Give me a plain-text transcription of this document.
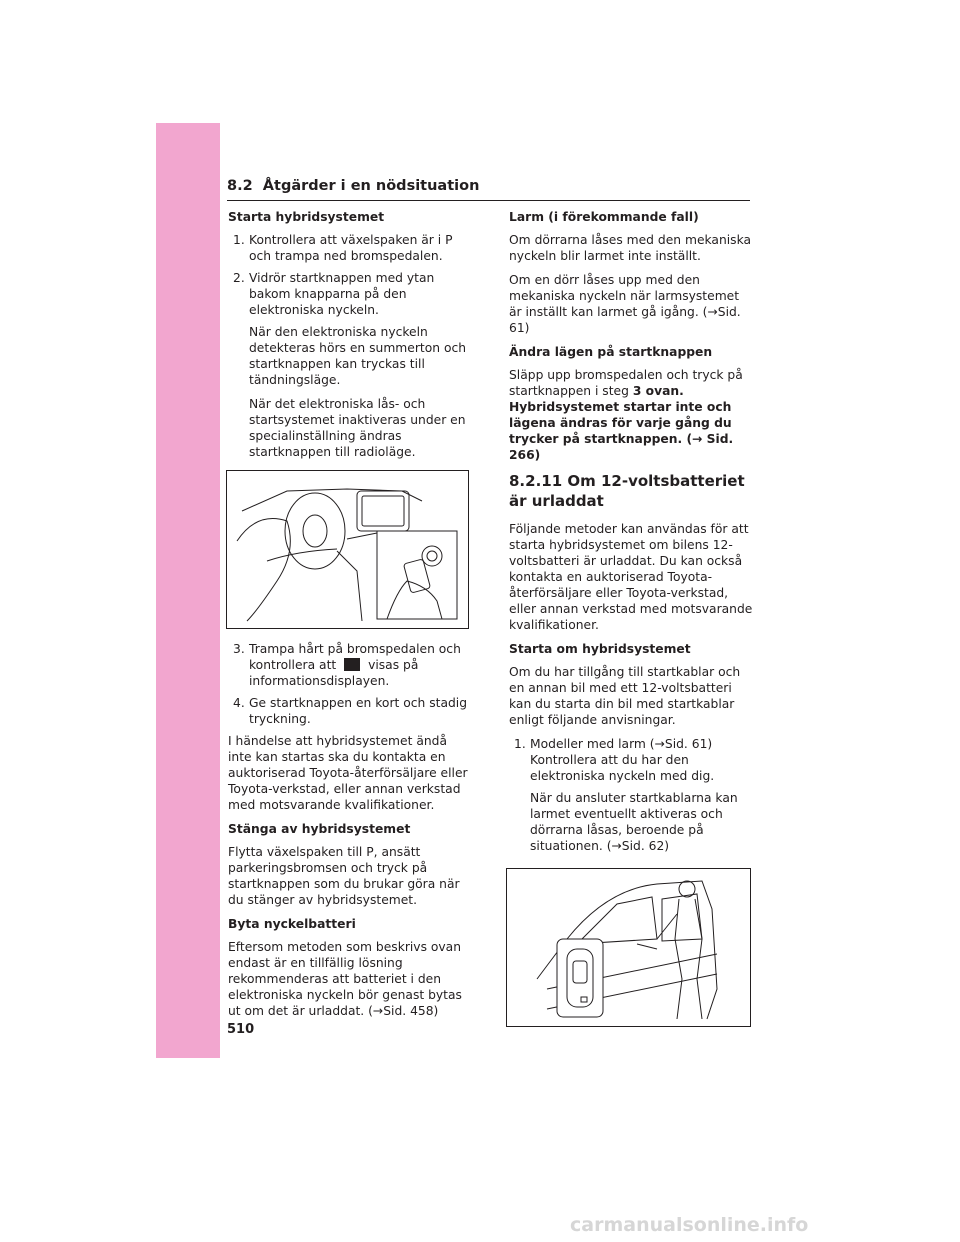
8.2 Åtgärder i en nödsituation
Starta hybridsystemet
1. Kontrollera att växelspaken är i P och trampa ned bromspedalen.
2. Vidrör startknappen med ytan bakom knapparna på den elektroniska nyckeln.
När den elektroniska nyckeln detekteras hörs en summerton och startknappen kan tryckas till tändningsläge.
När det elektroniska lås- och startsystemet inaktiveras under en specialinställning ändras startknappen till radioläge.
3. Trampa hårt på bromspedalen och kontrollera att	visas på informationsdisplayen.
4. Ge startknappen en kort och stadig tryckning.
I händelse att hybridsystemet ändå inte kan startas ska du kontakta en auktoriserad Toyota-återförsäljare eller Toyota-verkstad, eller annan verkstad med motsvarande kvalifikationer.
Stänga av hybridsystemet
Flytta växelspaken till P, ansätt parkeringsbromsen och tryck på startknappen som du brukar göra när du stänger av hybridsystemet.
Byta nyckelbatteri
Eftersom metoden som beskrivs ovan endast är en tillfällig lösning rekommenderas att batteriet i den elektroniska nyckeln bör genast bytas ut om det är urladdat. (→Sid. 458)
Larm (i förekommande fall)
Om dörrarna låses med den mekaniska nyckeln blir larmet inte inställt.
Om en dörr låses upp med den mekaniska nyckeln när larmsystemet är inställt kan larmet gå igång. (→Sid. 61)
Ändra lägen på startknappen
Släpp upp bromspedalen och tryck på startknappen i steg 3 ovan. Hybridsystemet startar inte och lägena ändras för varje gång du trycker på startknappen. (→ Sid. 266)
8.2.11 Om 12-voltsbatteriet är urladdat
Följande metoder kan användas för att starta hybridsystemet om bilens 12-voltsbatteri är urladdat. Du kan också kontakta en auktoriserad Toyota-återförsäljare eller Toyota-verkstad, eller annan verkstad med motsvarande kvalifikationer.
Starta om hybridsystemet
Om du har tillgång till startkablar och en annan bil med ett 12-voltsbatteri kan du starta din bil med startkablar enligt följande anvisningar.
1. Modeller med larm (→Sid. 61) Kontrollera att du har den elektroniska nyckeln med dig.
När du ansluter startkablarna kan larmet eventuellt aktiveras och dörrarna låsas, beroende på situationen. (→Sid. 62)
510
carmanualsonline.info
